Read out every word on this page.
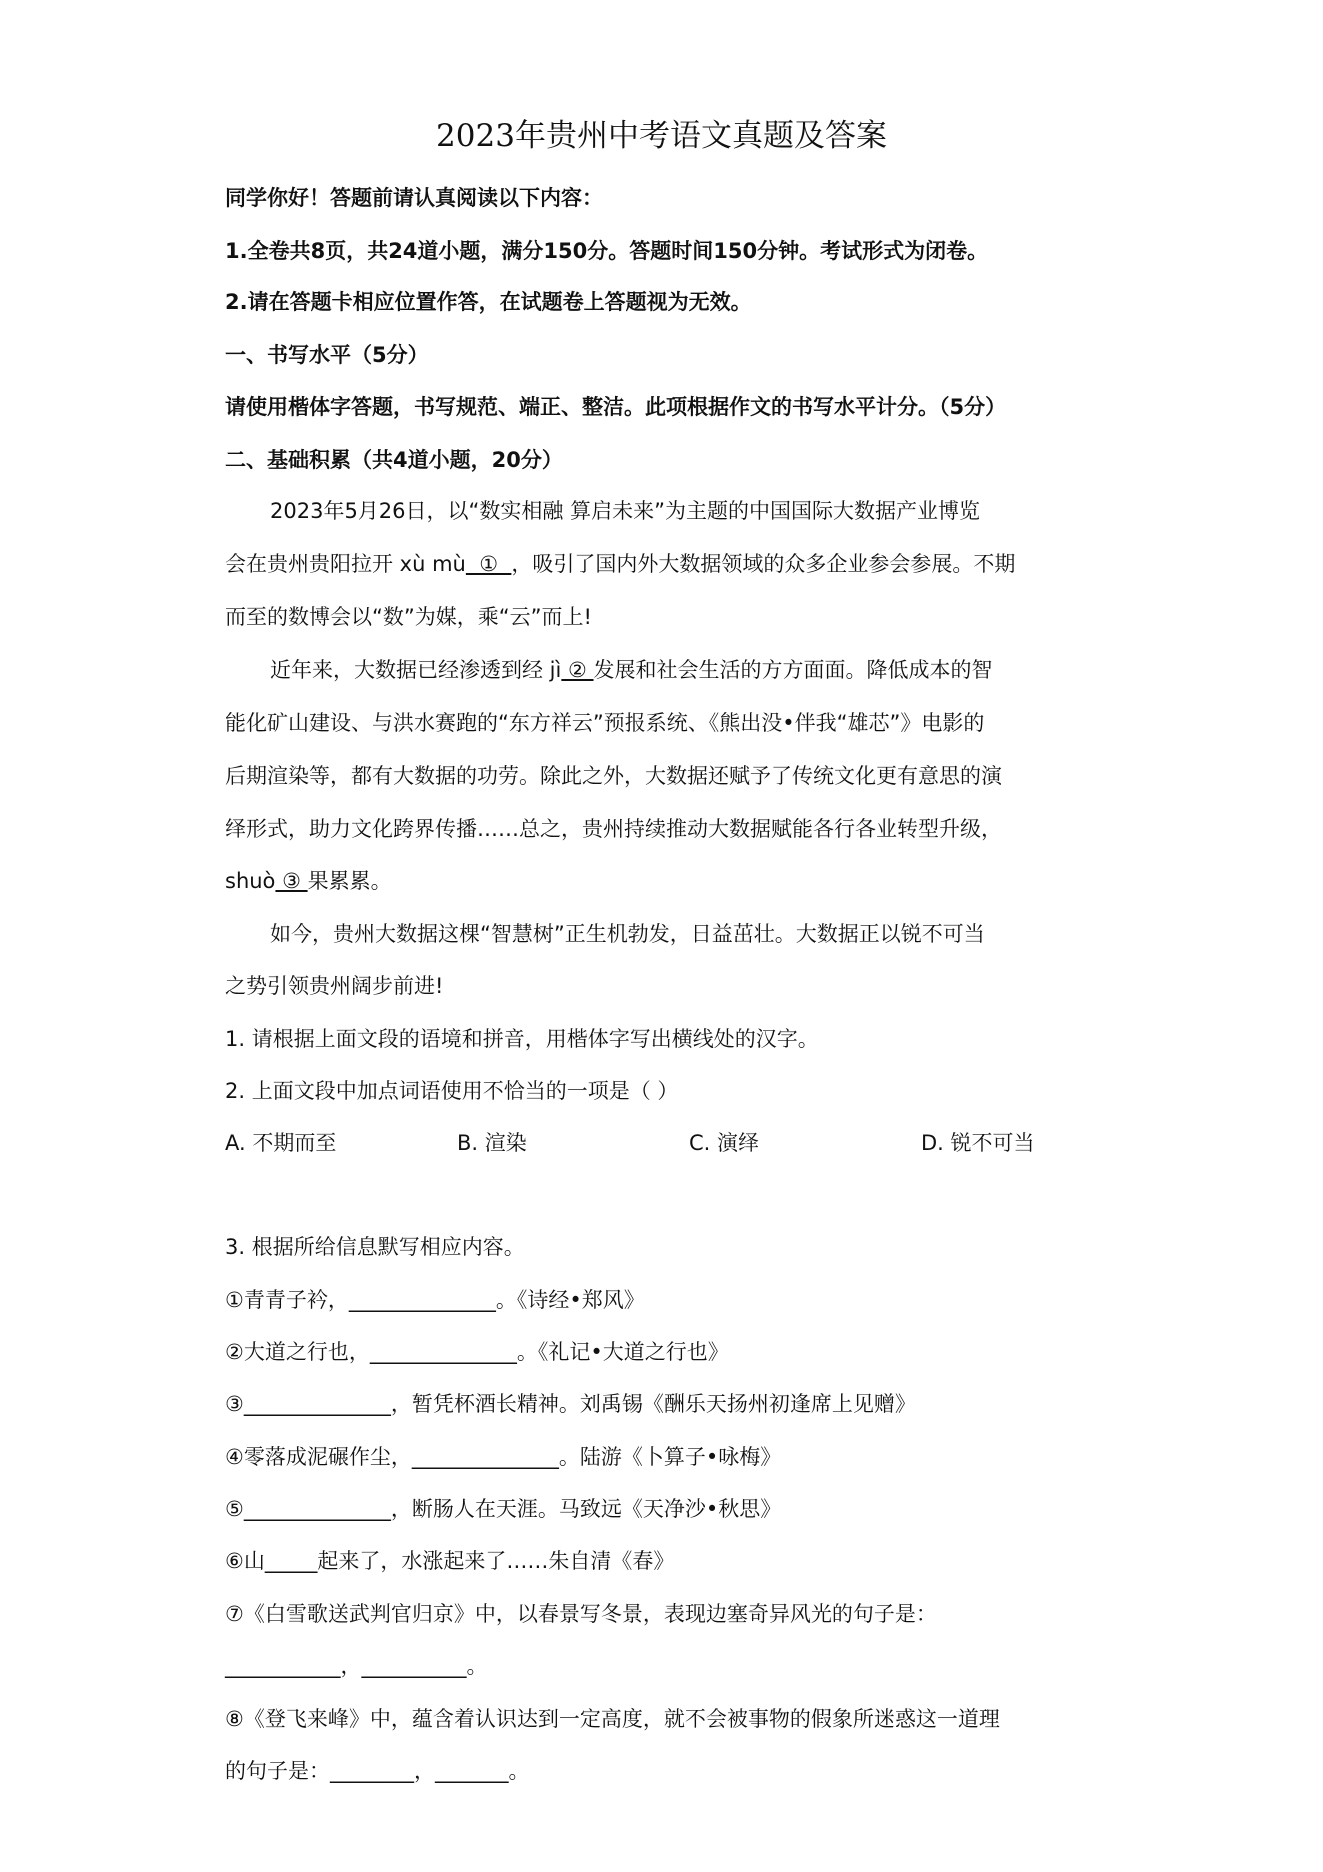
2023年贵州中考语文真题及答案
同学你好！答题前请认真阅读以下内容：
1.全卷共8页，共24道小题，满分150分。答题时间150分钟。考试形式为闭卷。
2.请在答题卡相应位置作答，在试题卷上答题视为无效。
一、书写水平（5分）
请使用楷体字答题，书写规范、端正、整洁。此项根据作文的书写水平计分。（5分）
二、基础积累（共4道小题，20分）
2023年5月26日，以“数实相融 算启未来”为主题的中国国际大数据产业博览
会在贵州贵阳拉开 xù mù  ①  ，吸引了国内外大数据领域的众多企业参会参展。不期
而至的数博会以“数”为媒，乘“云”而上!
近年来，大数据已经渗透到经 jì ② 发展和社会生活的方方面面。降低成本的智
能化矿山建设、与洪水赛跑的“东方祥云”预报系统、《熊出没•伴我“雄芯”》电影的
后期渲染等，都有大数据的功劳。除此之外，大数据还赋予了传统文化更有意思的演
绎形式，助力文化跨界传播……总之，贵州持续推动大数据赋能各行各业转型升级，
shuò ③ 果累累。
如今，贵州大数据这棵“智慧树”正生机勃发，日益茁壮。大数据正以锐不可当
之势引领贵州阔步前进!
1. 请根据上面文段的语境和拼音，用楷体字写出横线处的汉字。
2. 上面文段中加点词语使用不恰当的一项是（ ）
A. 不期而至	B. 渲染	C. 演绎	D. 锐不可当
3. 根据所给信息默写相应内容。
①青青子衿，______________。《诗经•郑风》
②大道之行也，______________。《礼记•大道之行也》
③______________，暂凭杯酒长精神。刘禹锡《酬乐天扬州初逢席上见赠》
④零落成泥碾作尘，______________。陆游《卜算子•咏梅》
⑤______________，断肠人在天涯。马致远《天净沙•秋思》
⑥山_____起来了，水涨起来了……朱自清《春》
⑦《白雪歌送武判官归京》中，以春景写冬景，表现边塞奇异风光的句子是：
___________，__________。
⑧《登飞来峰》中，蕴含着认识达到一定高度，就不会被事物的假象所迷惑这一道理
的句子是：________，_______。
